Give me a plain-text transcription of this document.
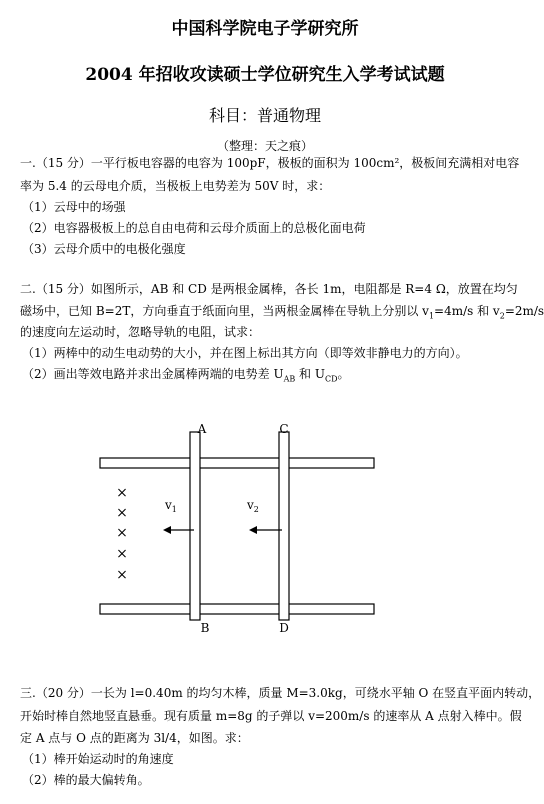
中国科学院电子学研究所
2004 年招收攻读硕士学位研究生入学考试试题
科目：普通物理
（整理：天之痕）
一.（15 分）一平行板电容器的电容为 100pF，极板的面积为 100cm²，极板间充满相对电容
率为 5.4 的云母电介质，当极板上电势差为 50V 时，求：
（1）云母中的场强
（2）电容器极板上的总自由电荷和云母介质面上的总极化面电荷
（3）云母介质中的电极化强度
二.（15 分）如图所示，AB 和 CD 是两根金属棒，各长 1m，电阻都是 R=4 Ω，放置在均匀
磁场中，已知 B=2T，方向垂直于纸面向里，当两根金属棒在导轨上分别以 $v_1=4m/s$ 和 $v_2=2m/s$
的速度向左运动时，忽略导轨的电阻，试求：
（1）两棒中的动生电动势的大小，并在图上标出其方向（即等效非静电力的方向）。
（2）画出等效电路并求出金属棒两端的电势差 $U_{AB}$ 和 $U_{CD}$。
A	C
B	D
×
×
×
×
×
$v_1$	$v_2$
三.（20 分）一长为 l=0.40m 的均匀木棒，质量 M=3.0kg，可绕水平轴 O 在竖直平面内转动，
开始时棒自然地竖直悬垂。现有质量 m=8g 的子弹以 v=200m/s 的速率从 A 点射入棒中。假
定 A 点与 O 点的距离为 3l/4，如图。求：
（1）棒开始运动时的角速度
（2）棒的最大偏转角。
